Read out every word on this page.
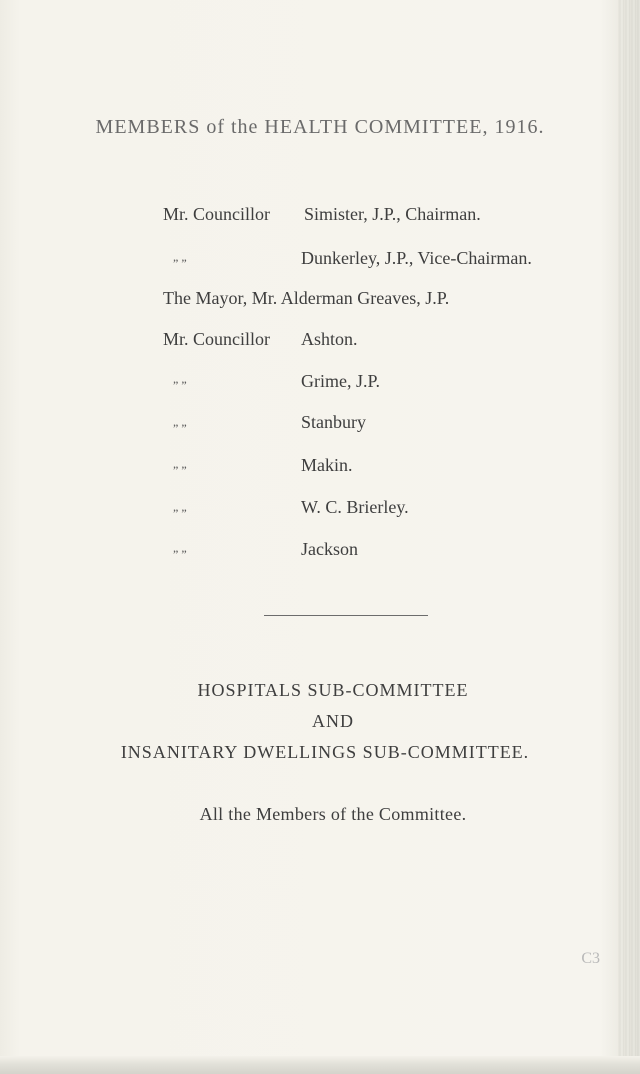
MEMBERS of the HEALTH COMMITTEE, 1916.
Mr. Councillor Simister, J.P., Chairman.
” ”	Dunkerley, J.P., Vice-Chairman.
The Mayor, Mr. Alderman Greaves, J.P.
Mr. Councillor Ashton.
” ”	Grime, J.P.
” ”	Stanbury
” ”	Makin.
” ”	W. C. Brierley.
” ”	Jackson
HOSPITALS SUB-COMMITTEE
AND
INSANITARY DWELLINGS SUB-COMMITTEE.
All the Members of the Committee.
C3
